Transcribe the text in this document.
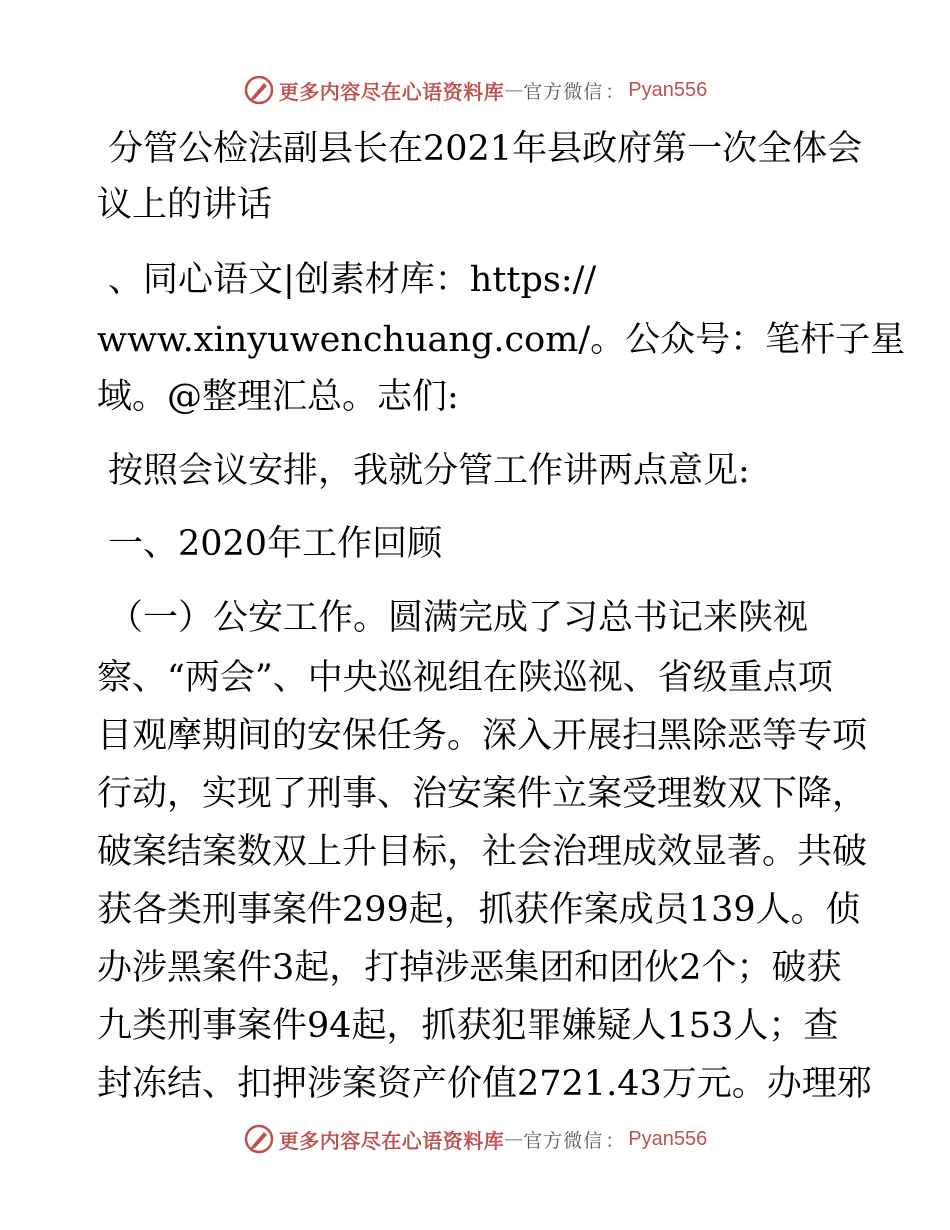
更多内容尽在心语资料库 — 官方微信 ： Pyan556
分管公检法副县长在2021年县政府第一次全体会
议上的讲话
、同心语文|创素材库：https://
www.xinyuwenchuang.com/。公众号：笔杆子星
域。@整理汇总。志们:
按照会议安排，我就分管工作讲两点意见:
一、2020年工作回顾
（一）公安工作。圆满完成了习总书记来陕视
察、“两会”、中央巡视组在陕巡视、省级重点项
目观摩期间的安保任务。深入开展扫黑除恶等专项
行动，实现了刑事、治安案件立案受理数双下降，
破案结案数双上升目标，社会治理成效显著。共破
获各类刑事案件299起，抓获作案成员139人。侦
办涉黑案件3起，打掉涉恶集团和团伙2个；破获
九类刑事案件94起，抓获犯罪嫌疑人153人；查
封冻结、扣押涉案资产价值2721.43万元。办理邪
更多内容尽在心语资料库 — 官方微信 ： Pyan556
